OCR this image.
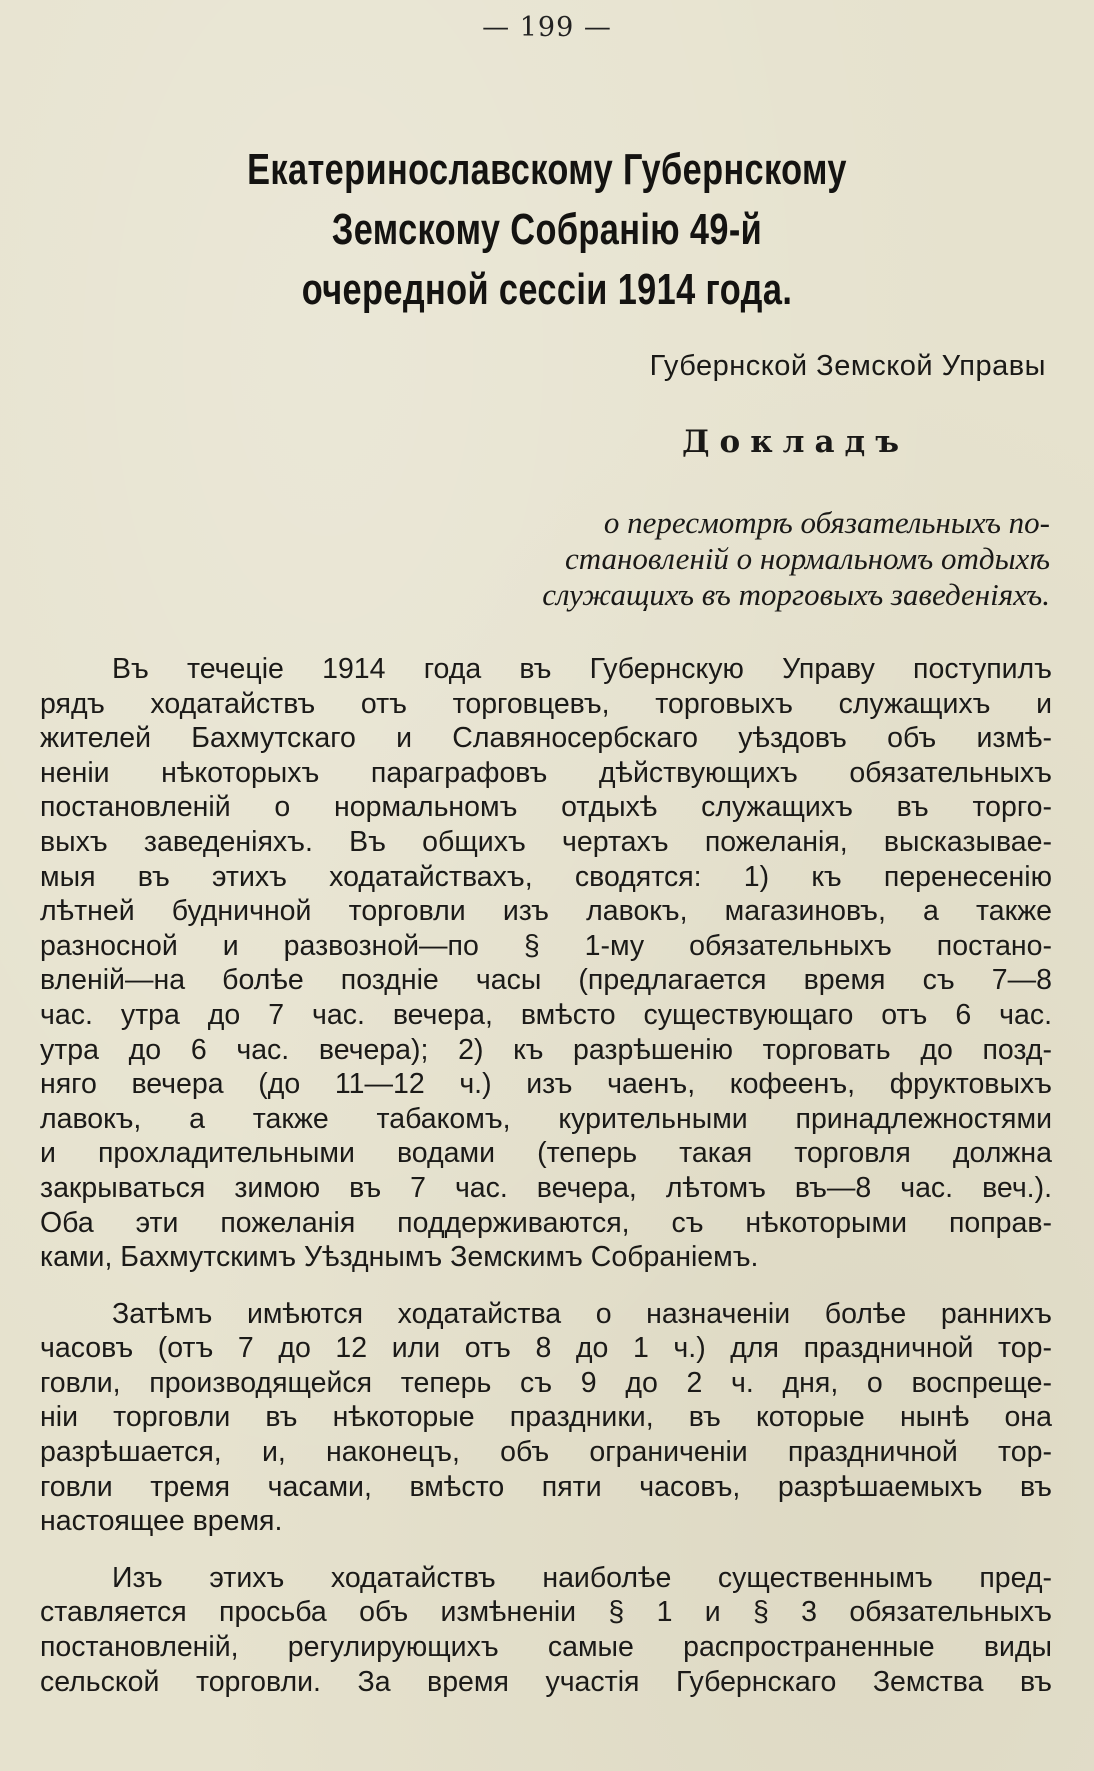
— 199 —
Екатеринославскому Губернскому Земскому Собранію 49-й
очередной сессіи 1914 года.
Губернской Земской Управы
Докладъ
о пересмотрѣ обязательныхъ по-
становленій о нормальномъ отдыхѣ
служащихъ въ торговыхъ заведеніяхъ.
Въ течеціе 1914 года въ Губернскую Управу поступилъ
рядъ ходатайствъ отъ торговцевъ, торговыхъ служащихъ и
жителей Бахмутскаго и Славяносербскаго уѣздовъ объ измѣ-
неніи нѣкоторыхъ параграфовъ дѣйствующихъ обязательныхъ
постановленій о нормальномъ отдыхѣ служащихъ въ торго-
выхъ заведеніяхъ. Въ общихъ чертахъ пожеланія, высказывае-
мыя въ этихъ ходатайствахъ, сводятся: 1) къ перенесенію
лѣтней будничной торговли изъ лавокъ, магазиновъ, а также
разносной и развозной—по § 1-му обязательныхъ постано-
вленій—на болѣе поздніе часы (предлагается время съ 7—8
час. утра до 7 час. вечера, вмѣсто существующаго отъ 6 час.
утра до 6 час. вечера); 2) къ разрѣшенію торговать до позд-
няго вечера (до 11—12 ч.) изъ чаенъ, кофеенъ, фруктовыхъ
лавокъ, а также табакомъ, курительными принадлежностями
и прохладительными водами (теперь такая торговля должна
закрываться зимою въ 7 час. вечера, лѣтомъ въ—8 час. веч.).
Оба эти пожеланія поддерживаются, съ нѣкоторыми поправ-
ками, Бахмутскимъ Уѣзднымъ Земскимъ Собраніемъ.
Затѣмъ имѣются ходатайства о назначеніи болѣе раннихъ
часовъ (отъ 7 до 12 или отъ 8 до 1 ч.) для праздничной тор-
говли, производящейся теперь съ 9 до 2 ч. дня, о воспреще-
ніи торговли въ нѣкоторые праздники, въ которые нынѣ она
разрѣшается, и, наконецъ, объ ограниченіи праздничной тор-
говли тремя часами, вмѣсто пяти часовъ, разрѣшаемыхъ въ
настоящее время.
Изъ этихъ ходатайствъ наиболѣе существеннымъ пред-
ставляется просьба объ измѣненіи § 1 и § 3 обязательныхъ
постановленій, регулирующихъ самые распространенные виды
сельской торговли. За время участія Губернскаго Земства въ
